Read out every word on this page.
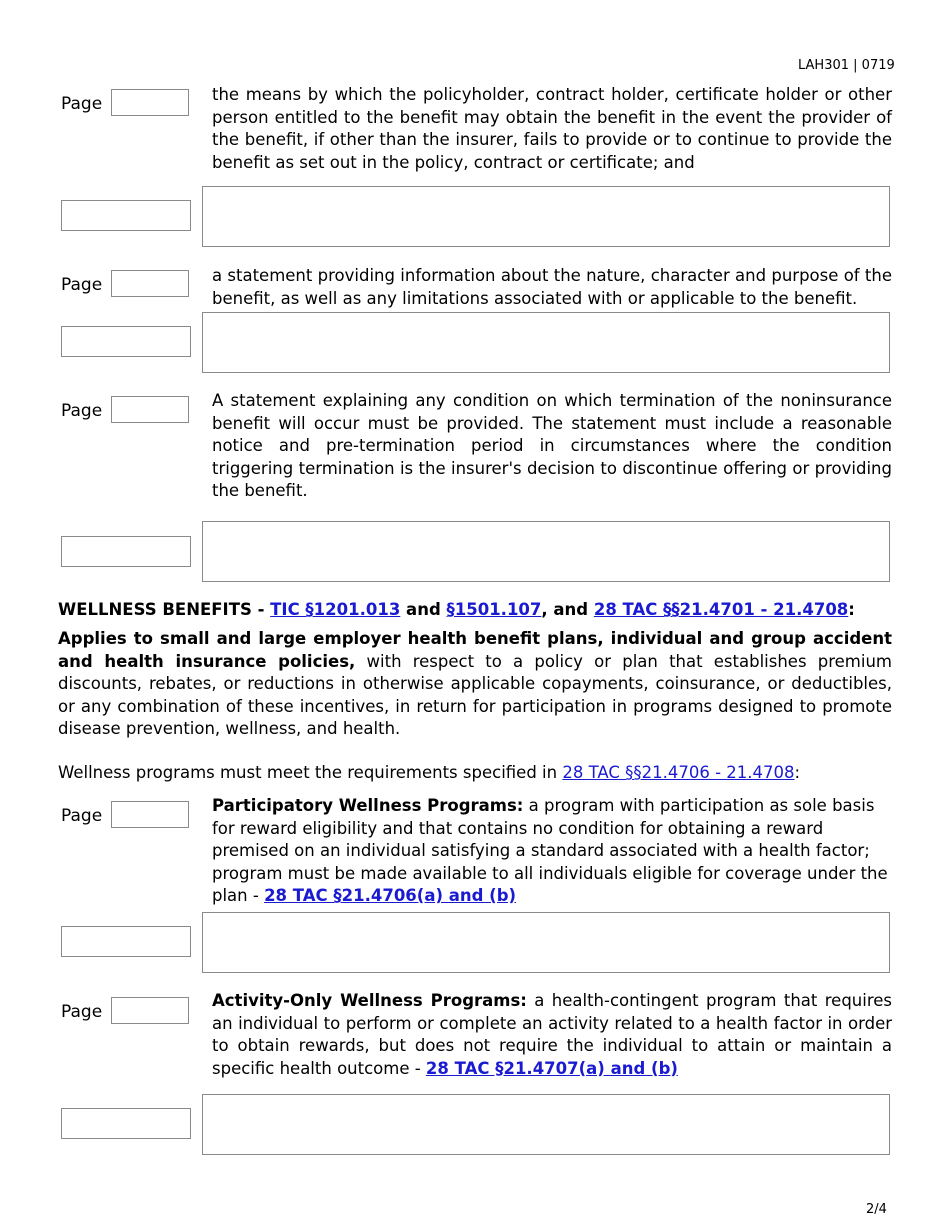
LAH301 | 0719
2/4
Page	the means by which the policyholder, contract holder, certificate holder or other person entitled to the benefit may obtain the benefit in the event the provider of the benefit, if other than the insurer, fails to provide or to continue to provide the benefit as set out in the policy, contract or certificate; and
Page	a statement providing information about the nature, character and purpose of the benefit, as well as any limitations associated with or applicable to the benefit.
Page
A statement explaining any condition on which termination of the noninsurance benefit will occur must be provided. The statement must include a reasonable notice and pre-termination period in circumstances where the condition triggering termination is the insurer's decision to discontinue offering or providing the benefit.
WELLNESS BENEFITS - TIC §1201.013 and §1501.107, and 28 TAC §§21.4701 - 21.4708:
Applies to small and large employer health benefit plans, individual and group accident and health insurance policies, with respect to a policy or plan that establishes premium discounts, rebates, or reductions in otherwise applicable copayments, coinsurance, or deductibles, or any combination of these incentives, in return for participation in programs designed to promote disease prevention, wellness, and health.
Wellness programs must meet the requirements specified in 28 TAC §§21.4706 - 21.4708:
Page
Participatory Wellness Programs: a program with participation as sole basis for reward eligibility and that contains no condition for obtaining a reward premised on an individual satisfying a standard associated with a health factor; program must be made available to all individuals eligible for coverage under the plan - 28 TAC §21.4706(a) and (b)
Page
Activity-Only Wellness Programs: a health-contingent program that requires an individual to perform or complete an activity related to a health factor in order to obtain rewards, but does not require the individual to attain or maintain a specific health outcome - 28 TAC §21.4707(a) and (b)
